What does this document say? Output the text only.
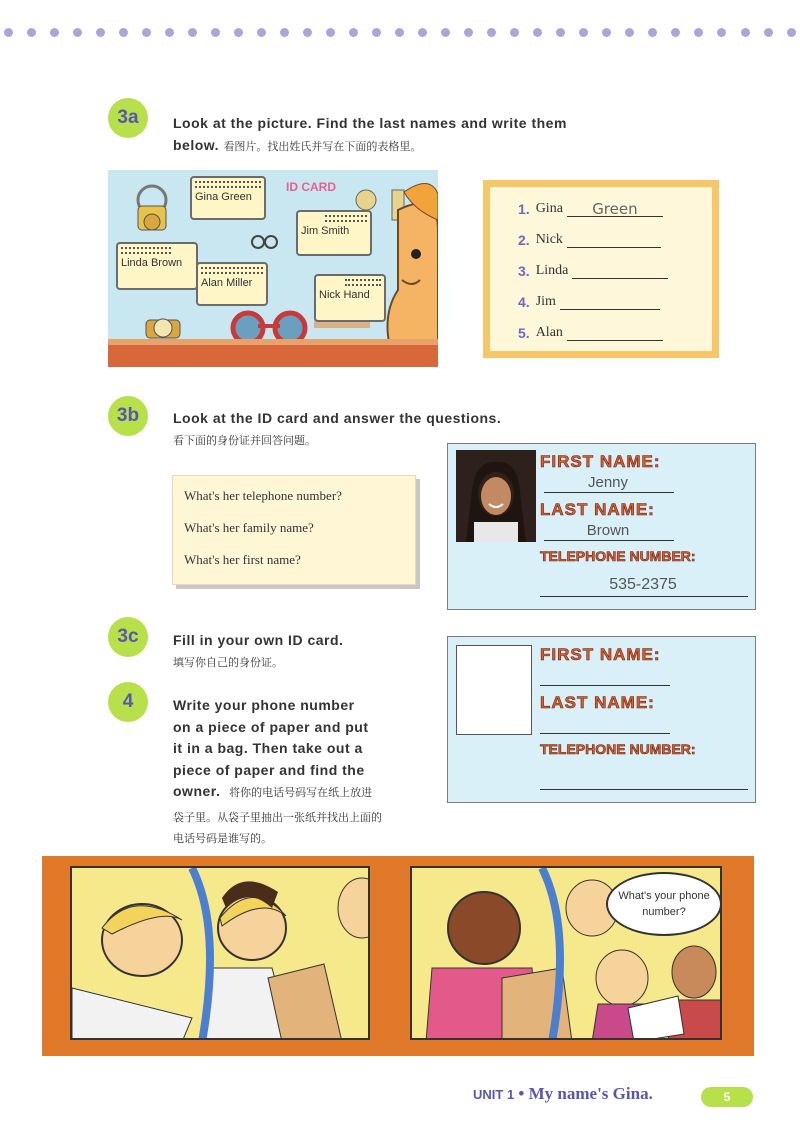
3a	Look at the picture. Find the last names and write them
below. 看图片。找出姓氏并写在下面的表格里。
ID CARD
Gina Green
Jim Smith
Linda Brown
Alan Miller
Nick Hand
1. Gina	Green
2. Nick
3. Linda
4. Jim
5. Alan
3b	Look at the ID card and answer the questions.
看下面的身份证并回答问题。
What's her telephone number?
What's her family name?
What's her first name?
FIRST NAME:
Jenny
LAST NAME:
Brown
TELEPHONE NUMBER:
535-2375
3c	Fill in your own ID card.
填写你自己的身份证。	FIRST NAME:
LAST NAME:
TELEPHONE NUMBER:
4	Write your phone number
on a piece of paper and put
it in a bag. Then take out a
piece of paper and find the
owner. 将你的电话号码写在纸上放进
袋子里。从袋子里抽出一张纸并找出上面的
电话号码是谁写的。
What's your phone number?
UNIT 1 • My name's Gina.	5
